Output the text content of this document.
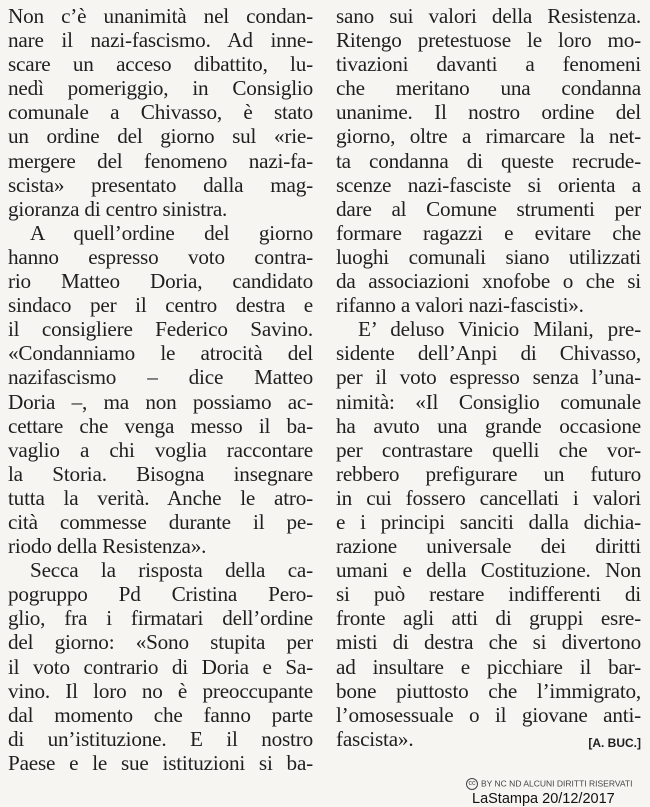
Non c’è unanimità nel condan-
nare il nazi-fascismo. Ad inne-
scare un acceso dibattito, lu-
nedì pomeriggio, in Consiglio
comunale a Chivasso, è stato
un ordine del giorno sul «rie-
mergere del fenomeno nazi-fa-
scista» presentato dalla mag-
gioranza di centro sinistra.
A quell’ordine del giorno
hanno espresso voto contra-
rio Matteo Doria, candidato
sindaco per il centro destra e
il consigliere Federico Savino.
«Condanniamo le atrocità del
nazifascismo – dice Matteo
Doria –, ma non possiamo ac-
cettare che venga messo il ba-
vaglio a chi voglia raccontare
la Storia. Bisogna insegnare
tutta la verità. Anche le atro-
cità commesse durante il pe-
riodo della Resistenza».
Secca la risposta della ca-
pogruppo Pd Cristina Pero-
glio, fra i firmatari dell’ordine
del giorno: «Sono stupita per
il voto contrario di Doria e Sa-
vino. Il loro no è preoccupante
dal momento che fanno parte
di un’istituzione. E il nostro
Paese e le sue istituzioni si ba-
sano sui valori della Resistenza.
Ritengo pretestuose le loro mo-
tivazioni davanti a fenomeni
che meritano una condanna
unanime. Il nostro ordine del
giorno, oltre a rimarcare la net-
ta condanna di queste recrude-
scenze nazi-fasciste si orienta a
dare al Comune strumenti per
formare ragazzi e evitare che
luoghi comunali siano utilizzati
da associazioni xnofobe o che si
rifanno a valori nazi-fascisti».
E’ deluso Vinicio Milani, pre-
sidente dell’Anpi di Chivasso,
per il voto espresso senza l’una-
nimità: «Il Consiglio comunale
ha avuto una grande occasione
per contrastare quelli che vor-
rebbero prefigurare un futuro
in cui fossero cancellati i valori
e i principi sanciti dalla dichia-
razione universale dei diritti
umani e della Costituzione. Non
si può restare indifferenti di
fronte agli atti di gruppi esre-
misti di destra che si divertono
ad insultare e picchiare il bar-
bone piuttosto che l’immigrato,
l’omosessuale o il giovane anti-
fascista».	[A. BUC.]
cc BY NC ND ALCUNI DIRITTI RISERVATI
LaStampa 20/12/2017
